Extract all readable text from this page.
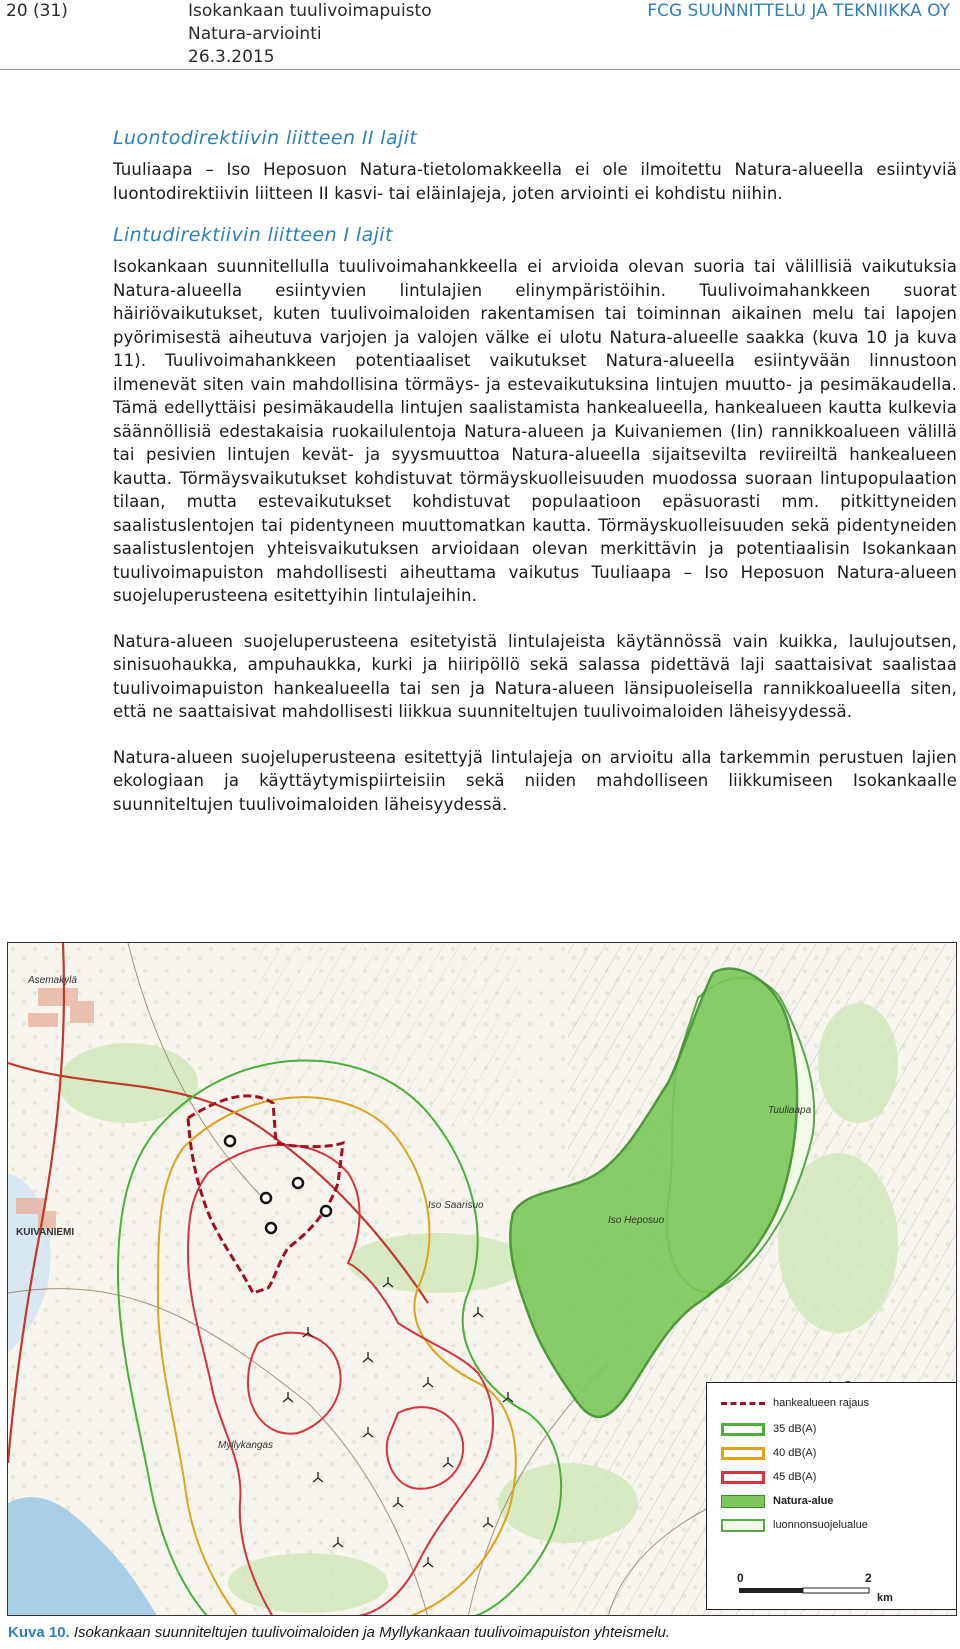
20 (31)	Isokankaan tuulivoimapuisto
Natura-arviointi
26.3.2015
FCG SUUNNITTELU JA TEKNIIKKA OY
Luontodirektiivin liitteen II lajit

Tuuliaapa – Iso Heposuon Natura-tietolomakkeella ei ole ilmoitettu Natura-alueella esiintyviä luontodirektiivin liitteen II kasvi- tai eläinlajeja, joten arviointi ei kohdistu niihin.

Lintudirektiivin liitteen I lajit

Isokankaan suunnitellulla tuulivoimahankkeella ei arvioida olevan suoria tai välillisiä vaikutuksia Natura-alueella esiintyvien lintulajien elinympäristöihin. Tuulivoimahankkeen suorat häiriövaikutukset, kuten tuulivoimaloiden rakentamisen tai toiminnan aikainen melu tai lapojen pyörimisestä aiheutuva varjojen ja valojen välke ei ulotu Natura-alueelle saakka (kuva 10 ja kuva 11). Tuulivoimahankkeen potentiaaliset vaikutukset Natura-alueella esiintyvään linnustoon ilmenevät siten vain mahdollisina törmäys- ja estevaikutuksina lintujen muutto- ja pesimäkaudella. Tämä edellyttäisi pesimäkaudella lintujen saalistamista hankealueella, hankealueen kautta kulkevia säännöllisiä edestakaisia ruokailulentoja Natura-alueen ja Kuivaniemen (Iin) rannikkoalueen välillä tai pesivien lintujen kevät- ja syysmuuttoa Natura-alueella sijaitsevilta reviireiltä hankealueen kautta. Törmäysvaikutukset kohdistuvat törmäyskuolleisuuden muodossa suoraan lintupopulaation tilaan, mutta estevaikutukset kohdistuvat populaatioon epäsuorasti mm. pitkittyneiden saalistuslentojen tai pidentyneen muuttomatkan kautta. Törmäyskuolleisuuden sekä pidentyneiden saalistuslentojen yhteisvaikutuksen arvioidaan olevan merkittävin ja potentiaalisin Isokankaan tuulivoimapuiston mahdollisesti aiheuttama vaikutus Tuuliaapa – Iso Heposuon Natura-alueen suojeluperusteena esitettyihin lintulajeihin.

Natura-alueen suojeluperusteena esitetyistä lintulajeista käytännössä vain kuikka, laulujoutsen, sinisuohaukka, ampuhaukka, kurki ja hiiripöllö sekä salassa pidettävä laji saattaisivat saalistaa tuulivoimapuiston hankealueella tai sen ja Natura-alueen länsipuoleisella rannikkoalueella siten, että ne saattaisivat mahdollisesti liikkua suunniteltujen tuulivoimaloiden läheisyydessä.

Natura-alueen suojeluperusteena esitettyjä lintulajeja on arvioitu alla tarkemmin perustuen lajien ekologiaan ja käyttäytymispiirteisiin sekä niiden mahdolliseen liikkumiseen Isokankaalle suunniteltujen tuulivoimaloiden läheisyydessä.

Asemakylä
KUIVANIEMI
Tuuliaapa
Iso Heposuo
Myllykangas
Iso Saarisuo
hankealueen rajaus
35 dB(A)
40 dB(A)
45 dB(A)
Natura-alue
luonnonsuojelualue
0	2
km
Kuva 10. Isokankaan suunniteltujen tuulivoimaloiden ja Myllykankaan tuulivoimapuiston yhteismelu.
